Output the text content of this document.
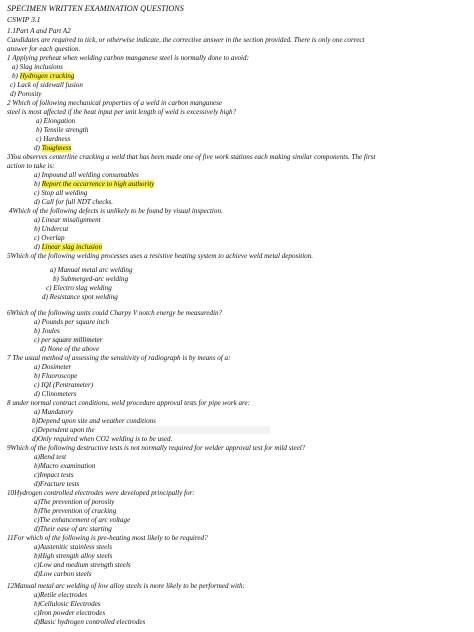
SPECIMEN WRITTEN EXAMINATION QUESTIONS
CSWIP 3.1
1.1Part A and Part A2
Candidates are required to tick, or otherwise indicate, the corrective answer in the section provided. There is only one correct
answer for each question.
1 Applying preheat when welding carbon manganese steel is normally done to avoid:
a) Slag inclusions
b) Hydrogen cracking
c) Lack of sidewall fusion
d) Porosity
2 Which of following mechanical properties of a weld in carbon manganese
steel is most affected if the heat input per unit length of weld is excessively high?
a) Elongation
b) Tensile strength
c) Hardness
d) Toughness
3You observes centerline cracking a weld that has been made one of five work stations each making similar components. The first
action to take is:
a) Impound all welding consumables
b) Report the occurrence to high authority
c) Stop all welding
d) Call for full NDT checks.
4Which of the following defects is unlikely to be found by visual inspection.
a) Linear misalignment
b) Undercut
c) Overlap
d) Linear slag inclusion
5Which of the following welding processes uses a resistive heating system to achieve weld metal deposition.
a) Manual metal arc welding
b) Submerged-arc welding
c) Electro slag welding
d) Resistance spot welding
6Which of the following units could Charpy V notch energy be measuredin?
a) Pounds per square inch
b) Joules
c) per square millimeter
d) None of the above
7 The usual method of assessing the sensitivity of radiograph is by means of a:
a) Dosimeter
b) Fluoroscope
c) IQI (Pentrameter)
d) Clinometers
8 under normal contract conditions, weld procedure approval tests for pipe work are:
a) Mandatory
b)Depend upon site and weather conditions
c)Dependent upon the
d)Only required when CO2 welding is to be used.
9Which of the following destructive tests is not normally required for welder approval test for mild steel?
a)Bend test
b)Macro examination
c)Impact tests
d)Fracture tests
10Hydrogen controlled electrodes were developed principally for:
a)The prevention of porosity
b)The prevention of cracking
c)The enhancement of arc voltage
d)Their ease of arc starting
11For which of the following is pre-heating most likely to be required?
a)Austenitic stainless steels
b)High strength alloy steels
c)Low and medium strength steels
d)Low carbon steels
12Manual metal arc welding of low alloy steels is more likely to be performed with:
a)Retile electrodes
b)Cellulosic Electrodes
c)Iron powder electrodes
d)Basic hydrogen controlled electrodes
